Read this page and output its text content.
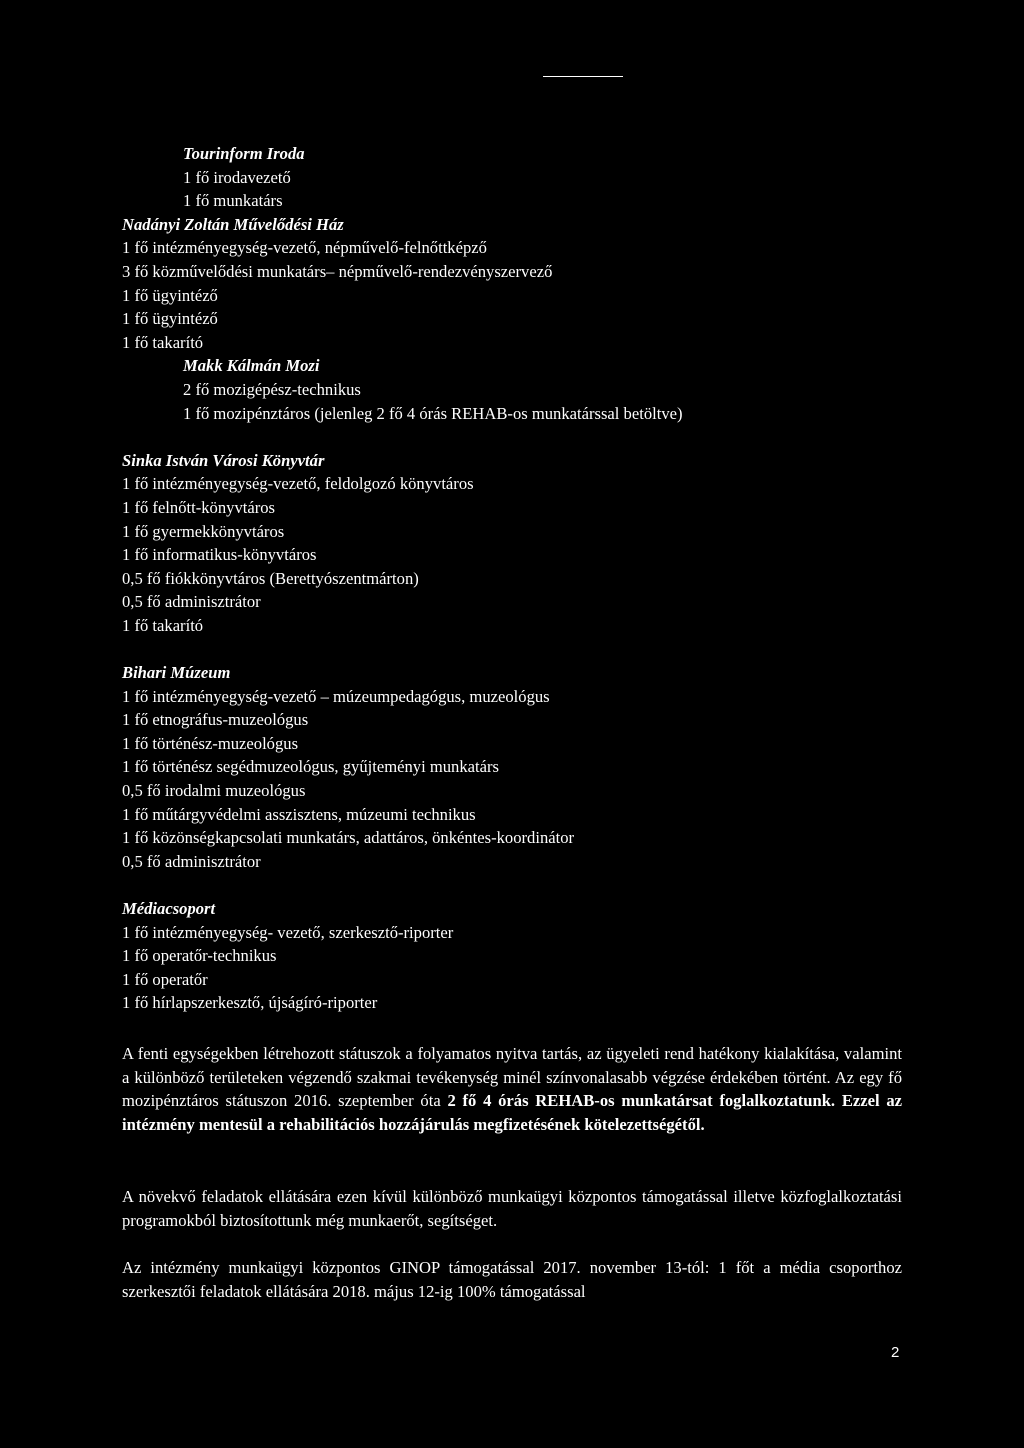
Tourinform Iroda
1 fő irodavezető
1 fő munkatárs
Nadányi Zoltán Művelődési Ház
1 fő intézményegység-vezető, népművelő-felnőttképző
3 fő közművelődési munkatárs– népművelő-rendezvényszervező
1 fő ügyintéző
1 fő ügyintéző
1 fő takarító
Makk Kálmán Mozi
2 fő mozigépész-technikus
1 fő mozipénztáros (jelenleg 2 fő 4 órás REHAB-os munkatárssal betöltve)
Sinka István Városi Könyvtár
1 fő intézményegység-vezető, feldolgozó könyvtáros
1 fő felnőtt-könyvtáros
1 fő gyermekkönyvtáros
1 fő informatikus-könyvtáros
0,5 fő fiókkönyvtáros (Berettyószentmárton)
0,5 fő adminisztrátor
1 fő takarító
Bihari Múzeum
1 fő intézményegység-vezető – múzeumpedagógus, muzeológus
1 fő etnográfus-muzeológus
1 fő történész-muzeológus
1 fő történész segédmuzeológus, gyűjteményi munkatárs
0,5 fő irodalmi muzeológus
1 fő műtárgyvédelmi asszisztens, múzeumi technikus
1 fő közönségkapcsolati munkatárs, adattáros, önkéntes-koordinátor
0,5 fő adminisztrátor
Médiacsoport
1 fő intézményegység- vezető, szerkesztő-riporter
1 fő operatőr-technikus
1 fő operatőr
1 fő hírlapszerkesztő, újságíró-riporter
A fenti egységekben létrehozott státuszok a folyamatos nyitva tartás, az ügyeleti rend hatékony kialakítása, valamint a különböző területeken végzendő szakmai tevékenység minél színvonalasabb végzése érdekében történt. Az egy fő mozipénztáros státuszon 2016. szeptember óta 2 fő 4 órás REHAB-os munkatársat foglalkoztatunk. Ezzel az intézmény mentesül a rehabilitációs hozzájárulás megfizetésének kötelezettségétől.
A növekvő feladatok ellátására ezen kívül különböző munkaügyi központos támogatással illetve közfoglalkoztatási programokból biztosítottunk még munkaerőt, segítséget.
Az intézmény munkaügyi központos GINOP támogatással 2017. november 13-tól: 1 főt a média csoporthoz szerkesztői feladatok ellátására 2018. május 12-ig 100% támogatással
2
